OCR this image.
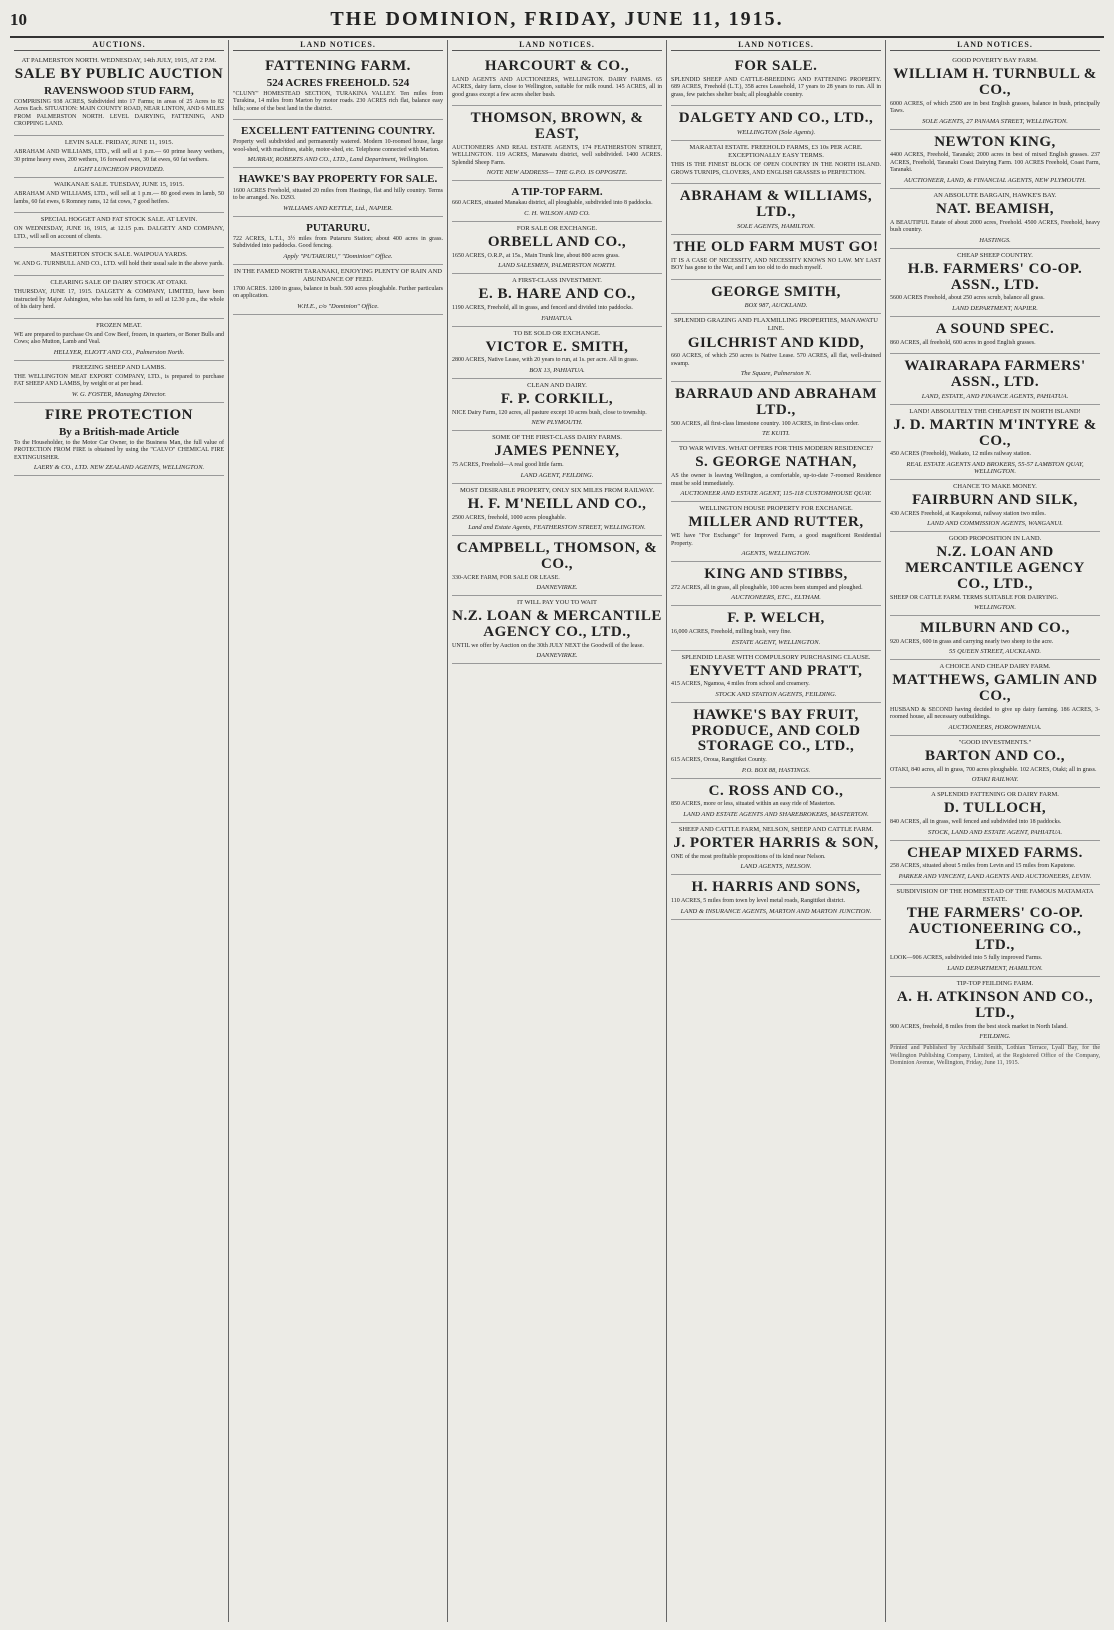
10	THE DOMINION, FRIDAY, JUNE 11, 1915.
AUCTIONS.
AT PALMERSTON NORTH. WEDNESDAY, 14th JULY, 1915, AT 2 P.M.
SALE BY PUBLIC AUCTION
RAVENSWOOD STUD FARM,
COMPRISING 938 ACRES, Subdivided into 17 Farms; in areas of 25 Acres to 82 Acres Each. SITUATION: MAIN COUNTY ROAD, NEAR LINTON, AND 6 MILES FROM PALMERSTON NORTH. LEVEL DAIRYING, FATTENING, AND CROPPING LAND.
LEVIN SALE. FRIDAY, JUNE 11, 1915.
ABRAHAM AND WILLIAMS, LTD., will sell at 1 p.m.— 60 prime heavy wethers, 30 prime heavy ewes, 200 wethers, 16 forward ewes, 30 fat ewes, 60 fat wethers.
LIGHT LUNCHEON PROVIDED.
WAIKANAE SALE. TUESDAY, JUNE 15, 1915.
ABRAHAM AND WILLIAMS, LTD., will sell at 1 p.m.— 80 good ewes in lamb, 50 lambs, 60 fat ewes, 6 Romney rams, 12 fat cows, 7 good heifers.
SPECIAL HOGGET AND FAT STOCK SALE. AT LEVIN.
ON WEDNESDAY, JUNE 16, 1915, at 12.15 p.m. DALGETY AND COMPANY, LTD., will sell on account of clients.
MASTERTON STOCK SALE. WAIPOUA YARDS.
W. AND G. TURNBULL AND CO., LTD. will hold their usual sale in the above yards.
CLEARING SALE OF DAIRY STOCK AT OTAKI.
THURSDAY, JUNE 17, 1915. DALGETY & COMPANY, LIMITED, have been instructed by Major Ashington, who has sold his farm, to sell at 12.30 p.m., the whole of his dairy herd.
FROZEN MEAT.
WE are prepared to purchase Ox and Cow Beef, frozen, in quarters, or Boner Bulls and Cows; also Mutton, Lamb and Veal.
HELLYER, ELIOTT AND CO., Palmerston North.
FREEZING SHEEP AND LAMBS.
THE WELLINGTON MEAT EXPORT COMPANY, LTD., is prepared to purchase FAT SHEEP AND LAMBS, by weight or at per head.
W. G. FOSTER, Managing Director.
FIRE PROTECTION
By a British-made Article
To the Householder, to the Motor Car Owner, to the Business Man, the full value of PROTECTION FROM FIRE is obtained by using the "CALVO" CHEMICAL FIRE EXTINGUISHER.
LAERY & CO., LTD. NEW ZEALAND AGENTS, WELLINGTON.
LAND NOTICES.
FATTENING FARM.
524 ACRES FREEHOLD. 524
"CLUNY" HOMESTEAD SECTION, TURAKINA VALLEY. Ten miles from Turakina, 14 miles from Marton by motor roads. 230 ACRES rich flat, balance easy hills; some of the best land in the district.
EXCELLENT FATTENING COUNTRY.
Property well subdivided and permanently watered. Modern 10-roomed house, large wool-shed, with machines, stable, motor-shed, etc. Telephone connected with Marton.
MURRAY, ROBERTS AND CO., LTD., Land Department, Wellington.
HAWKE'S BAY PROPERTY FOR SALE.
1600 ACRES Freehold, situated 20 miles from Hastings, flat and hilly country. Terms to be arranged. No. D293.
WILLIAMS AND KETTLE, Ltd., NAPIER.
PUTARURU.
722 ACRES, L.T.I., 3½ miles from Putaruru Station; about 400 acres in grass. Subdivided into paddocks. Good fencing.
Apply "PUTARURU," "Dominion" Office.
IN THE FAMED NORTH TARANAKI, ENJOYING PLENTY OF RAIN AND ABUNDANCE OF FEED.
1700 ACRES. 1200 in grass, balance in bush. 500 acres ploughable. Further particulars on application.
W.H.E., c/o "Dominion" Office.
LAND NOTICES.
HARCOURT & CO.,
LAND AGENTS AND AUCTIONEERS, WELLINGTON. DAIRY FARMS. 65 ACRES, dairy farm, close to Wellington, suitable for milk round. 145 ACRES, all in good grass except a few acres shelter bush.
THOMSON, BROWN, & EAST,
AUCTIONEERS AND REAL ESTATE AGENTS, 174 FEATHERSTON STREET, WELLINGTON. 119 ACRES, Manawatu district, well subdivided. 1400 ACRES. Splendid Sheep Farm.
NOTE NEW ADDRESS— THE G.P.O. IS OPPOSITE.
A TIP-TOP FARM.
660 ACRES, situated Manakau district, all ploughable, subdivided into 8 paddocks.
C. H. WILSON AND CO.
FOR SALE OR EXCHANGE.
ORBELL AND CO.,
1650 ACRES, O.R.P., at 15s., Main Trunk line, about 800 acres grass.
LAND SALESMEN, PALMERSTON NORTH.
A FIRST-CLASS INVESTMENT.
E. B. HARE AND CO.,
1190 ACRES, Freehold, all in grass, and fenced and divided into paddocks.
FAHIATUA.
TO BE SOLD OR EXCHANGE.
VICTOR E. SMITH,
2800 ACRES, Native Lease, with 20 years to run, at 1s. per acre. All in grass.
BOX 13, PAHIATUA.
CLEAN AND DAIRY.
F. P. CORKILL,
NICE Dairy Farm, 120 acres, all pasture except 10 acres bush, close to township.
NEW PLYMOUTH.
SOME OF THE FIRST-CLASS DAIRY FARMS.
JAMES PENNEY,
75 ACRES, Freehold—A real good little farm.
LAND AGENT, FEILDING.
MOST DESIRABLE PROPERTY, ONLY SIX MILES FROM RAILWAY.
H. F. M'NEILL AND CO.,
2500 ACRES, freehold, 1000 acres ploughable.
Land and Estate Agents, FEATHERSTON STREET, WELLINGTON.
CAMPBELL, THOMSON, & CO.,
330-ACRE FARM, FOR SALE OR LEASE.
DANNEVIRKE.
IT WILL PAY YOU TO WAIT
N.Z. LOAN & MERCANTILE AGENCY CO., LTD.,
UNTIL we offer by Auction on the 30th JULY NEXT the Goodwill of the lease.
DANNEVIRKE.
LAND NOTICES.
FOR SALE.
SPLENDID SHEEP AND CATTLE-BREEDING AND FATTENING PROPERTY. 689 ACRES, Freehold (L.T.), 358 acres Leasehold, 17 years to 28 years to run. All in grass, few patches shelter bush; all ploughable country.
DALGETY AND CO., LTD.,
WELLINGTON (Sole Agents).
MARAETAI ESTATE. FREEHOLD FARMS, £3 10s PER ACRE. EXCEPTIONALLY EASY TERMS.
THIS IS THE FINEST BLOCK OF OPEN COUNTRY IN THE NORTH ISLAND. GROWS TURNIPS, CLOVERS, AND ENGLISH GRASSES to PERFECTION.
ABRAHAM & WILLIAMS, LTD.,
SOLE AGENTS, HAMILTON.
THE OLD FARM MUST GO!
IT IS A CASE OF NECESSITY, AND NECESSITY KNOWS NO LAW. MY LAST BOY has gone to the War, and I am too old to do much myself.
GEORGE SMITH,
BOX 987, AUCKLAND.
SPLENDID GRAZING AND FLAXMILLING PROPERTIES, MANAWATU LINE.
GILCHRIST AND KIDD,
660 ACRES, of which 250 acres is Native Lease. 570 ACRES, all flat, well-drained swamp.
The Square, Palmerston N.
BARRAUD AND ABRAHAM LTD.,
500 ACRES, all first-class limestone country. 100 ACRES, in first-class order.
TE KUITI.
TO WAR WIVES. WHAT OFFERS FOR THIS MODERN RESIDENCE?
S. GEORGE NATHAN,
AS the owner is leaving Wellington, a comfortable, up-to-date 7-roomed Residence must be sold immediately.
AUCTIONEER AND ESTATE AGENT, 115-118 CUSTOMHOUSE QUAY.
WELLINGTON HOUSE PROPERTY FOR EXCHANGE.
MILLER AND RUTTER,
WE have "For Exchange" for Improved Farm, a good magnificent Residential Property.
AGENTS, WELLINGTON.
KING AND STIBBS,
272 ACRES, all in grass, all ploughable, 100 acres been stumped and ploughed.
AUCTIONEERS, ETC., ELTHAM.
F. P. WELCH,
16,000 ACRES, Freehold, milling bush, very fine.
ESTATE AGENT, WELLINGTON.
SPLENDID LEASE WITH COMPULSORY PURCHASING CLAUSE.
ENYVETT AND PRATT,
415 ACRES, Ngamoa, 4 miles from school and creamery.
STOCK AND STATION AGENTS, FEILDING.
HAWKE'S BAY FRUIT, PRODUCE, AND COLD STORAGE CO., LTD.,
615 ACRES, Oroua, Rangitikei County.
P.O. BOX 88, HASTINGS.
C. ROSS AND CO.,
850 ACRES, more or less, situated within an easy ride of Masterton.
LAND AND ESTATE AGENTS AND SHAREBROKERS, MASTERTON.
SHEEP AND CATTLE FARM, NELSON, SHEEP AND CATTLE FARM.
J. PORTER HARRIS & SON,
ONE of the most profitable propositions of its kind near Nelson.
LAND AGENTS, NELSON.
H. HARRIS AND SONS,
110 ACRES, 5 miles from town by level metal roads, Rangitikei district.
LAND & INSURANCE AGENTS, MARTON AND MARTON JUNCTION.
LAND NOTICES.
GOOD POVERTY BAY FARM.
WILLIAM H. TURNBULL & CO.,
6000 ACRES, of which 2500 are in best English grasses, balance in bush, principally Taws.
SOLE AGENTS, 27 PANAMA STREET, WELLINGTON.
NEWTON KING,
4400 ACRES, Freehold, Taranaki; 2000 acres in best of mixed English grasses. 237 ACRES, Freehold, Taranaki Coast Dairying Farm. 100 ACRES Freehold, Coast Farm, Taranaki.
AUCTIONEER, LAND, & FINANCIAL AGENTS, NEW PLYMOUTH.
AN ABSOLUTE BARGAIN, HAWKE'S BAY.
NAT. BEAMISH,
A BEAUTIFUL Estate of about 2000 acres, Freehold. 4500 ACRES, Freehold, heavy bush country.
HASTINGS.
CHEAP SHEEP COUNTRY.
H.B. FARMERS' CO-OP. ASSN., LTD.
5600 ACRES Freehold, about 250 acres scrub, balance all grass.
LAND DEPARTMENT, NAPIER.
A SOUND SPEC.
860 ACRES, all freehold, 600 acres in good English grasses.
WAIRARAPA FARMERS' ASSN., LTD.
LAND, ESTATE, AND FINANCE AGENTS, PAHIATUA.
LAND! ABSOLUTELY THE CHEAPEST IN NORTH ISLAND!
J. D. MARTIN M'INTYRE & CO.,
450 ACRES (Freehold), Waikato, 12 miles railway station.
REAL ESTATE AGENTS AND BROKERS, 55-57 LAMBTON QUAY, WELLINGTON.
CHANCE TO MAKE MONEY.
FAIRBURN AND SILK,
430 ACRES Freehold, at Kaupokonui, railway station two miles.
LAND AND COMMISSION AGENTS, WANGANUI.
GOOD PROPOSITION IN LAND.
N.Z. LOAN AND MERCANTILE AGENCY CO., LTD.,
SHEEP OR CATTLE FARM. TERMS SUITABLE FOR DAIRYING.
WELLINGTON.
MILBURN AND CO.,
920 ACRES, 600 in grass and carrying nearly two sheep to the acre.
55 QUEEN STREET, AUCKLAND.
A CHOICE AND CHEAP DAIRY FARM.
MATTHEWS, GAMLIN AND CO.,
HUSBAND & SECOND having decided to give up dairy farming. 186 ACRES, 3-roomed house, all necessary outbuildings.
AUCTIONEERS, HOROWHENUA.
"GOOD INVESTMENTS."
BARTON AND CO.,
OTAKI, 840 acres, all in grass, 700 acres ploughable. 102 ACRES, Otaki; all in grass.
OTAKI RAILWAY.
A SPLENDID FATTENING OR DAIRY FARM.
D. TULLOCH,
840 ACRES, all in grass, well fenced and subdivided into 18 paddocks.
STOCK, LAND AND ESTATE AGENT, PAHIATUA.
CHEAP MIXED FARMS.
258 ACRES, situated about 5 miles from Levin and 15 miles from Kaputone.
PARKER AND VINCENT, LAND AGENTS AND AUCTIONEERS, LEVIN.
SUBDIVISION OF THE HOMESTEAD OF THE FAMOUS MATAMATA ESTATE.
THE FARMERS' CO-OP. AUCTIONEERING CO., LTD.,
LOOK—906 ACRES, subdivided into 5 fully improved Farms.
LAND DEPARTMENT, HAMILTON.
TIP-TOP FEILDING FARM.
A. H. ATKINSON AND CO., LTD.,
900 ACRES, freehold, 8 miles from the best stock market in North Island.
FEILDING.
Printed and Published by Archibald Smith, Lothian Terrace, Lyall Bay, for the Wellington Publishing Company, Limited, at the Registered Office of the Company, Dominion Avenue, Wellington, Friday, June 11, 1915.
